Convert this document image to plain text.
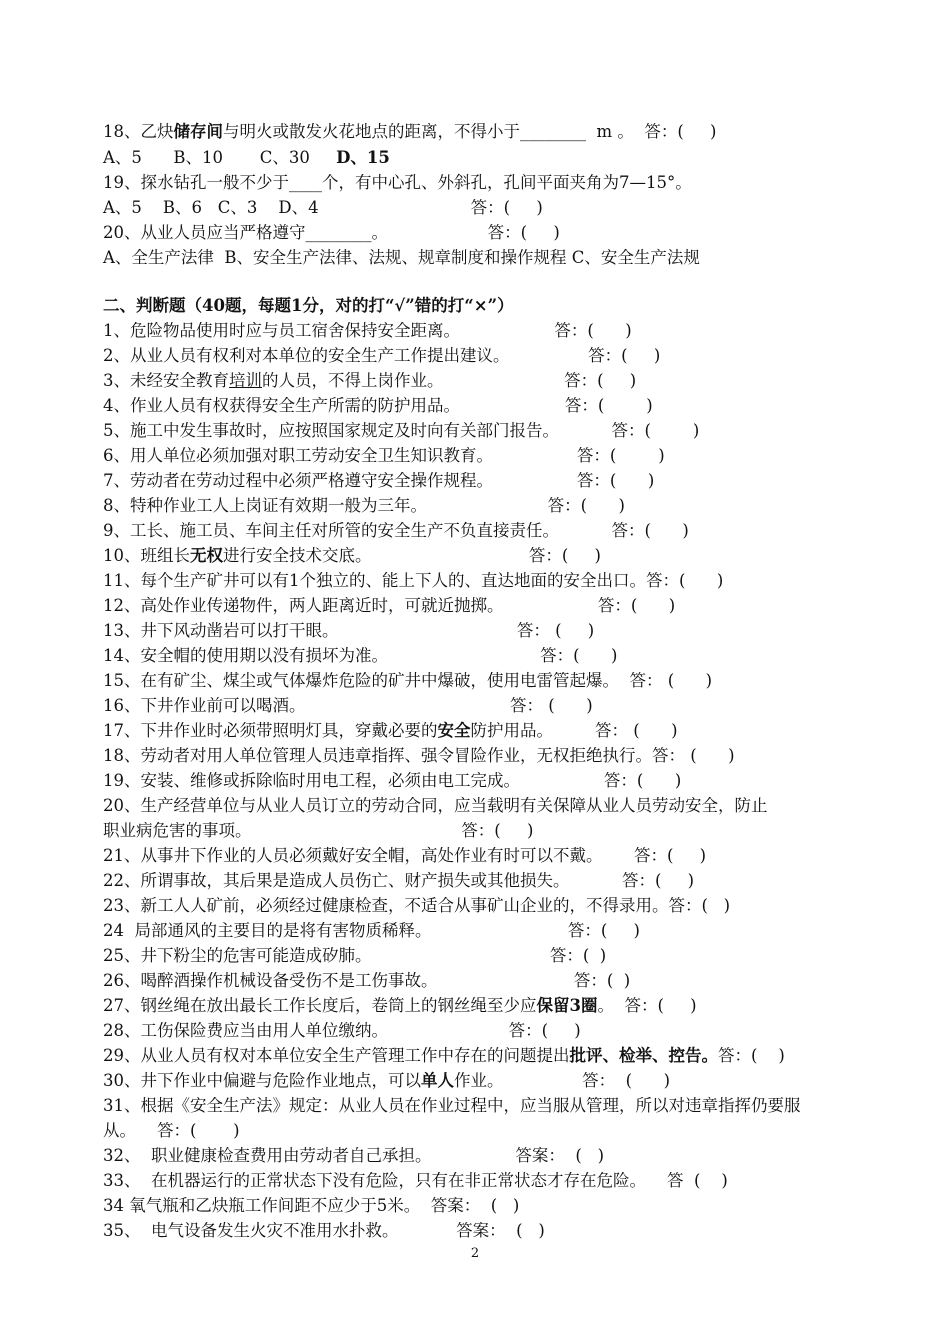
18、乙炔储存间与明火或散发火花地点的距离，不得小于________  m 。  答：(     )
A、5      B、10       C、30     D、15
19、探水钻孔一般不少于____个，有中心孔、外斜孔，孔间平面夹角为7—15°。
A、5    B、6   C、3    D、4                             答：(     )
20、从业人员应当严格遵守________。                   答：(     )
A、全生产法律  B、安全生产法律、法规、规章制度和操作规程 C、安全生产法规
二、判断题（40题，每题1分，对的打“√”错的打“×”）
1、危险物品使用时应与员工宿舍保持安全距离。                  答：(      )
2、从业人员有权利对本单位的安全生产工作提出建议。               答：(     )
3、未经安全教育培训的人员，不得上岗作业。                       答：(     )
4、作业人员有权获得安全生产所需的防护用品。                    答：(        )
5、施工中发生事故时，应按照国家规定及时向有关部门报告。          答：(        )
6、用人单位必须加强对职工劳动安全卫生知识教育。                答：(        )
7、劳动者在劳动过程中必须严格遵守安全操作规程。                答：(      )
8、特种作业工人上岗证有效期一般为三年。                       答：(      )
9、工长、施工员、车间主任对所管的安全生产不负直接责任。          答：(      )
10、班组长无权进行安全技术交底。                              答：(     )
11、每个生产矿井可以有1个独立的、能上下人的、直达地面的安全出口。答：(      )
12、高处作业传递物件，两人距离近时，可就近抛掷。                  答：(      )
13、井下风动凿岩可以打干眼。                                  答： (     )
14、安全帽的使用期以没有损坏为准。                             答：(      )
15、在有矿尘、煤尘或气体爆炸危险的矿井中爆破，使用电雷管起爆。  答： (      )
16、下井作业前可以喝酒。                                       答： (      )
17、下井作业时必须带照明灯具，穿戴必要的安全防护用品。        答： (      )
18、劳动者对用人单位管理人员违章指挥、强令冒险作业，无权拒绝执行。答： (      )
19、安装、维修或拆除临时用电工程，必须由电工完成。                答：(      )
20、生产经营单位与从业人员订立的劳动合同，应当载明有关保障从业人员劳动安全，防止
职业病危害的事项。                                        答：(     )
21、从事井下作业的人员必须戴好安全帽，高处作业有时可以不戴。      答：(     )
22、所谓事故，其后果是造成人员伤亡、财产损失或其他损失。          答：(     )
23、新工人人矿前，必须经过健康检查，不适合从事矿山企业的，不得录用。答：(   )
24  局部通风的主要目的是将有害物质稀释。                          答：(     )
25、井下粉尘的危害可能造成矽肺。                                  答：(  )
26、喝醉酒操作机械设备受伤不是工伤事故。                          答：(  )
27、钢丝绳在放出最长工作长度后，卷筒上的钢丝绳至少应保留3圈。  答：(     )
28、工伤保险费应当由用人单位缴纳。                       答：(     )
29、从业人员有权对本单位安全生产管理工作中存在的问题提出批评、检举、控告。答：(    )
30、井下作业中偏避与危险作业地点，可以单人作业。               答：  (      )
31、根据《安全生产法》规定：从业人员在作业过程中，应当服从管理，所以对违章指挥仍要服
从。    答：(       )
32、  职业健康检查费用由劳动者自己承担。                答案：  (   )
33、  在机器运行的正常状态下没有危险，只有在非正常状态才存在危险。    答  (    )
34 氧气瓶和乙炔瓶工作间距不应少于5米。  答案：  (   )
35、  电气设备发生火灾不准用水扑救。           答案：  (   )
2
